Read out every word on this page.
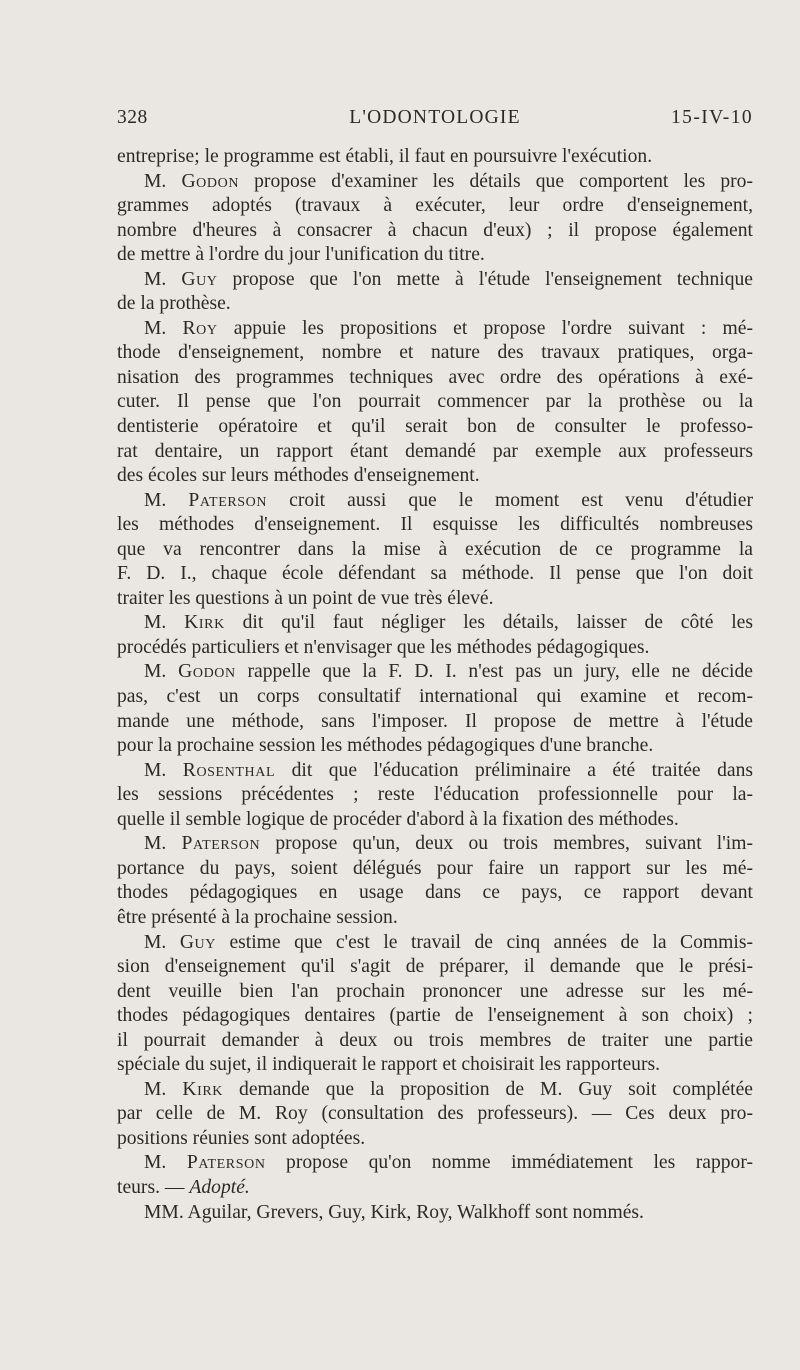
328	L'ODONTOLOGIE	15-IV-10
entreprise; le programme est établi, il faut en poursuivre l'exécution.
M. Godon propose d'examiner les détails que comportent les pro-
grammes adoptés (travaux à exécuter, leur ordre d'enseignement,
nombre d'heures à consacrer à chacun d'eux) ; il propose également
de mettre à l'ordre du jour l'unification du titre.
M. Guy propose que l'on mette à l'étude l'enseignement technique
de la prothèse.
M. Roy appuie les propositions et propose l'ordre suivant : mé-
thode d'enseignement, nombre et nature des travaux pratiques, orga-
nisation des programmes techniques avec ordre des opérations à exé-
cuter. Il pense que l'on pourrait commencer par la prothèse ou la
dentisterie opératoire et qu'il serait bon de consulter le professo-
rat dentaire, un rapport étant demandé par exemple aux professeurs
des écoles sur leurs méthodes d'enseignement.
M. Paterson croit aussi que le moment est venu d'étudier
les méthodes d'enseignement. Il esquisse les difficultés nombreuses
que va rencontrer dans la mise à exécution de ce programme la
F. D. I., chaque école défendant sa méthode. Il pense que l'on doit
traiter les questions à un point de vue très élevé.
M. Kirk dit qu'il faut négliger les détails, laisser de côté les
procédés particuliers et n'envisager que les méthodes pédagogiques.
M. Godon rappelle que la F. D. I. n'est pas un jury, elle ne décide
pas, c'est un corps consultatif international qui examine et recom-
mande une méthode, sans l'imposer. Il propose de mettre à l'étude
pour la prochaine session les méthodes pédagogiques d'une branche.
M. Rosenthal dit que l'éducation préliminaire a été traitée dans
les sessions précédentes ; reste l'éducation professionnelle pour la-
quelle il semble logique de procéder d'abord à la fixation des méthodes.
M. Paterson propose qu'un, deux ou trois membres, suivant l'im-
portance du pays, soient délégués pour faire un rapport sur les mé-
thodes pédagogiques en usage dans ce pays, ce rapport devant
être présenté à la prochaine session.
M. Guy estime que c'est le travail de cinq années de la Commis-
sion d'enseignement qu'il s'agit de préparer, il demande que le prési-
dent veuille bien l'an prochain prononcer une adresse sur les mé-
thodes pédagogiques dentaires (partie de l'enseignement à son choix) ;
il pourrait demander à deux ou trois membres de traiter une partie
spéciale du sujet, il indiquerait le rapport et choisirait les rapporteurs.
M. Kirk demande que la proposition de M. Guy soit complétée
par celle de M. Roy (consultation des professeurs). — Ces deux pro-
positions réunies sont adoptées.
M. Paterson propose qu'on nomme immédiatement les rappor-
teurs. — Adopté.
MM. Aguilar, Grevers, Guy, Kirk, Roy, Walkhoff sont nommés.
